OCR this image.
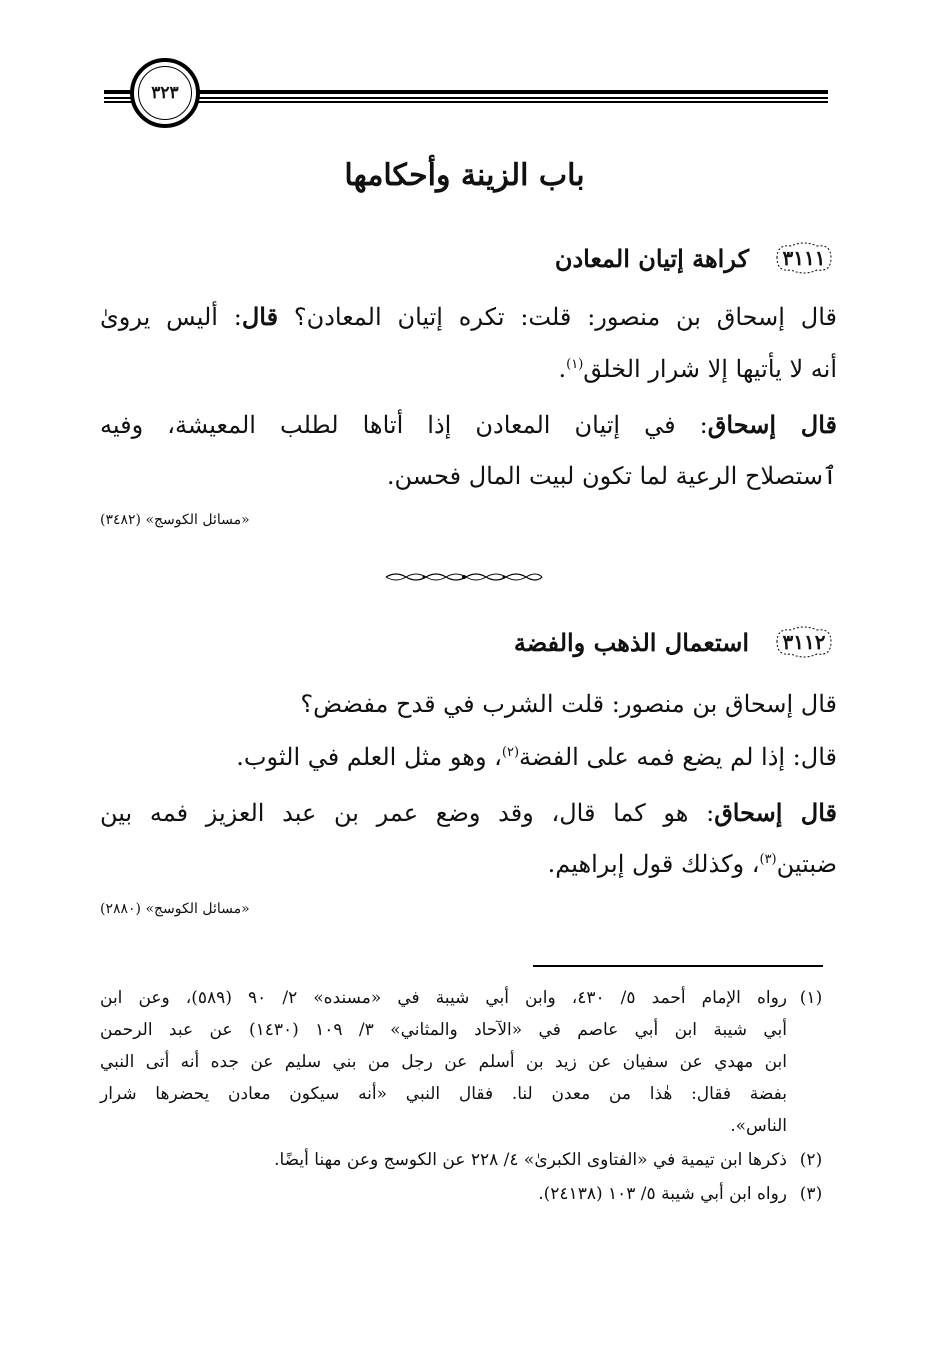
٣٢٣
باب الزينة وأحكامها
٣١١١
كراهة إتيان المعادن
قال إسحاق بن منصور: قلت: تكره إتيان المعادن؟ قال: أليس يروىٰ
أنه لا يأتيها إلا شرار الخلق$^{(١)}$.
قال إسحاق: في إتيان المعادن إذا أتاها لطلب المعيشة، وفيه
ٱستصلاح الرعية لما تكون لبيت المال فحسن.
«مسائل الكوسج» (٣٤٨٢)
٣١١٢
استعمال الذهب والفضة
قال إسحاق بن منصور: قلت الشرب في قدح مفضض؟
قال: إذا لم يضع فمه على الفضة$^{(٢)}$، وهو مثل العلم في الثوب.
قال إسحاق: هو كما قال، وقد وضع عمر بن عبد العزيز فمه بين
ضبتين$^{(٣)}$، وكذلك قول إبراهيم.
«مسائل الكوسج» (٢٨٨٠)
(١)
رواه الإمام أحمد ٥/ ٤٣٠، وابن أبي شيبة في «مسنده» ٢/ ٩٠ (٥٨٩)، وعن ابن
أبي شيبة ابن أبي عاصم في «الآحاد والمثاني» ٣/ ١٠٩ (١٤٣٠) عن عبد الرحمن
ابن مهدي عن سفيان عن زيد بن أسلم عن رجل من بني سليم عن جده أنه أتى النبي
بفضة فقال: هٰذا من معدن لنا. فقال النبي «أنه سيكون معادن يحضرها شرار
الناس».
(٢)
ذكرها ابن تيمية في «الفتاوى الكبرىٰ» ٤/ ٢٢٨ عن الكوسج وعن مهنا أيضًا.
(٣)
رواه ابن أبي شيبة ٥/ ١٠٣ (٢٤١٣٨).
